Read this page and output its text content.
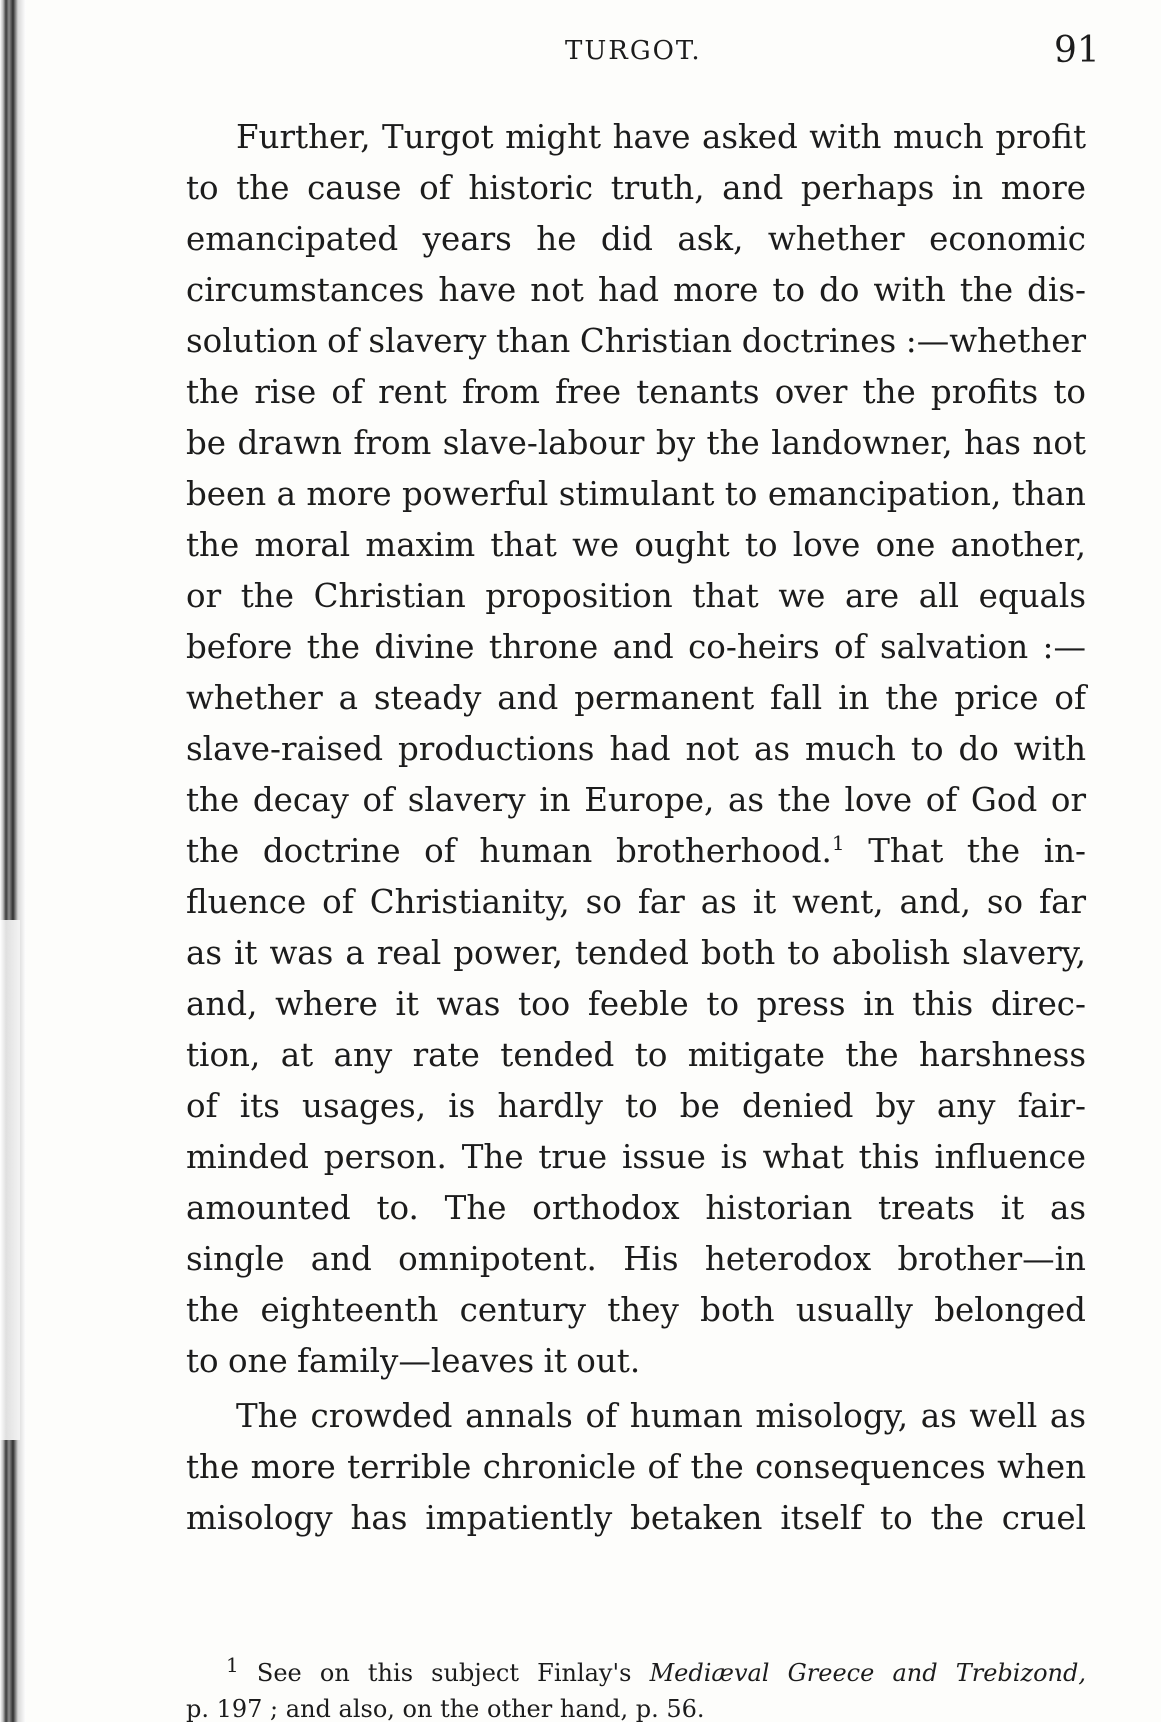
TURGOT.	91
Further, Turgot might have asked with much profit
to the cause of historic truth, and perhaps in more
emancipated years he did ask, whether economic
circumstances have not had more to do with the dis-
solution of slavery than Christian doctrines :—whether
the rise of rent from free tenants over the profits to
be drawn from slave-labour by the landowner, has not
been a more powerful stimulant to emancipation, than
the moral maxim that we ought to love one another,
or the Christian proposition that we are all equals
before the divine throne and co-heirs of salvation :—
whether a steady and permanent fall in the price of
slave-raised productions had not as much to do with
the decay of slavery in Europe, as the love of God or
the doctrine of human brotherhood.$^1$ That the in-
fluence of Christianity, so far as it went, and, so far
as it was a real power, tended both to abolish slavery,
and, where it was too feeble to press in this direc-
tion, at any rate tended to mitigate the harshness
of its usages, is hardly to be denied by any fair-
minded person. The true issue is what this influence
amounted to. The orthodox historian treats it as
single and omnipotent. His heterodox brother—in
the eighteenth century they both usually belonged
to one family—leaves it out.
The crowded annals of human misology, as well as
the more terrible chronicle of the consequences when
misology has impatiently betaken itself to the cruel
$^1$ See on this subject Finlay's Mediæval Greece and Trebizond,
p. 197 ; and also, on the other hand, p. 56.
